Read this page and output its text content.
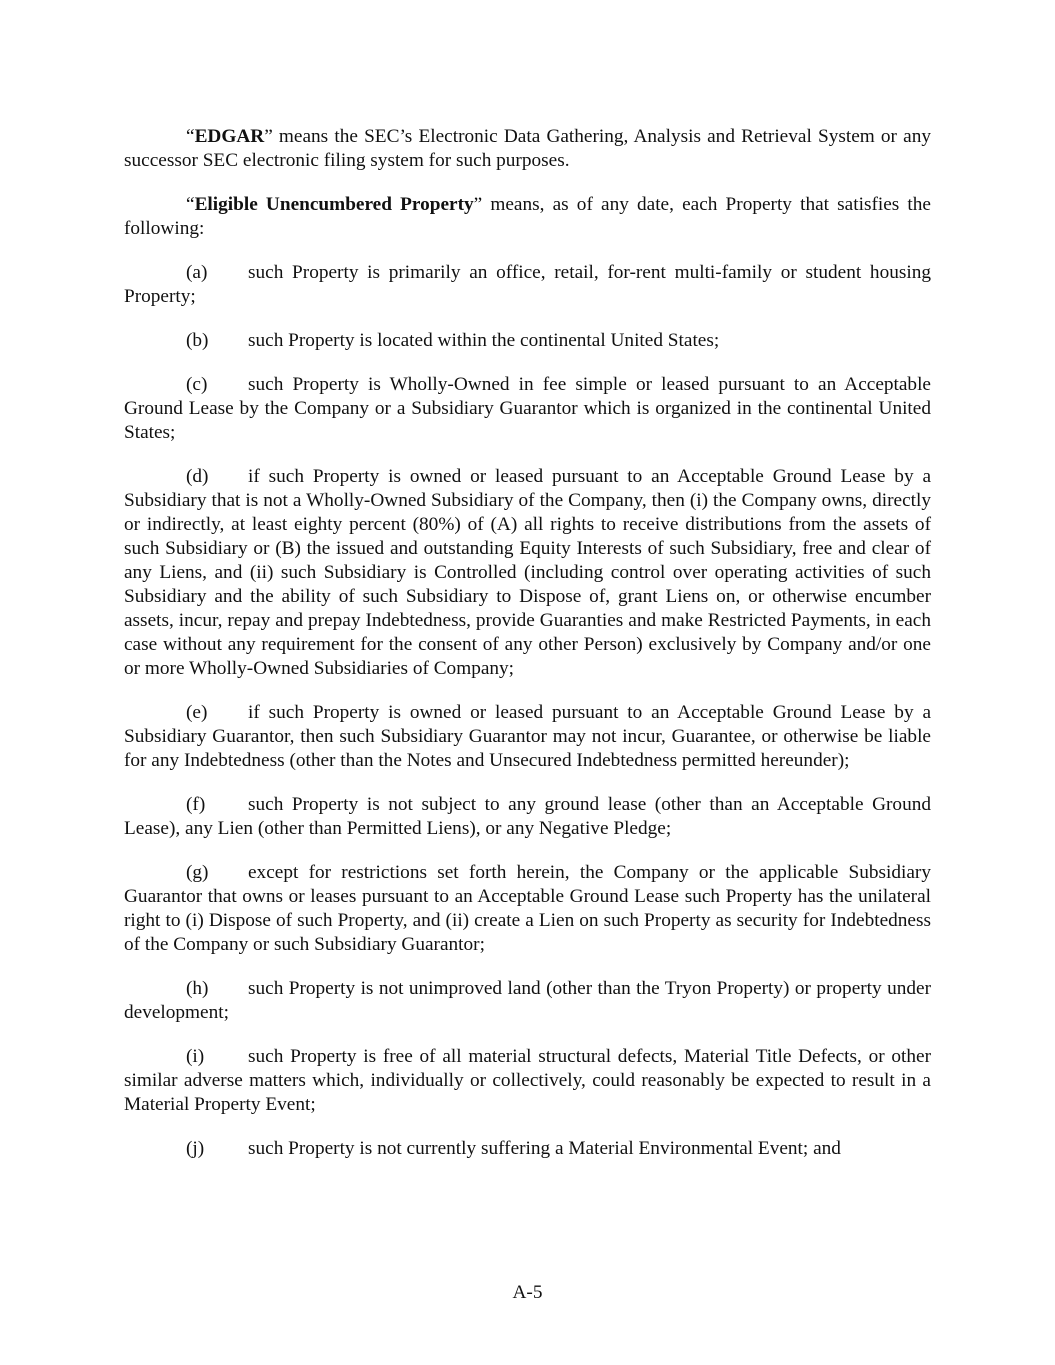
“EDGAR” means the SEC’s Electronic Data Gathering, Analysis and Retrieval System or any successor SEC electronic filing system for such purposes.

“Eligible Unencumbered Property” means, as of any date, each Property that satisfies the following:

(a) such Property is primarily an office, retail, for-rent multi-family or student housing Property;

(b) such Property is located within the continental United States;

(c) such Property is Wholly-Owned in fee simple or leased pursuant to an Acceptable Ground Lease by the Company or a Subsidiary Guarantor which is organized in the continental United States;

(d) if such Property is owned or leased pursuant to an Acceptable Ground Lease by a Subsidiary that is not a Wholly-Owned Subsidiary of the Company, then (i) the Company owns, directly or indirectly, at least eighty percent (80%) of (A) all rights to receive distributions from the assets of such Subsidiary or (B) the issued and outstanding Equity Interests of such Subsidiary, free and clear of any Liens, and (ii) such Subsidiary is Controlled (including control over operating activities of such Subsidiary and the ability of such Subsidiary to Dispose of, grant Liens on, or otherwise encumber assets, incur, repay and prepay Indebtedness, provide Guaranties and make Restricted Payments, in each case without any requirement for the consent of any other Person) exclusively by Company and/or one or more Wholly-Owned Subsidiaries of Company;

(e) if such Property is owned or leased pursuant to an Acceptable Ground Lease by a Subsidiary Guarantor, then such Subsidiary Guarantor may not incur, Guarantee, or otherwise be liable for any Indebtedness (other than the Notes and Unsecured Indebtedness permitted hereunder);

(f) such Property is not subject to any ground lease (other than an Acceptable Ground Lease), any Lien (other than Permitted Liens), or any Negative Pledge;

(g) except for restrictions set forth herein, the Company or the applicable Subsidiary Guarantor that owns or leases pursuant to an Acceptable Ground Lease such Property has the unilateral right to (i) Dispose of such Property, and (ii) create a Lien on such Property as security for Indebtedness of the Company or such Subsidiary Guarantor;

(h) such Property is not unimproved land (other than the Tryon Property) or property under development;

(i) such Property is free of all material structural defects, Material Title Defects, or other similar adverse matters which, individually or collectively, could reasonably be expected to result in a Material Property Event;

(j) such Property is not currently suffering a Material Environmental Event; and

A-5
